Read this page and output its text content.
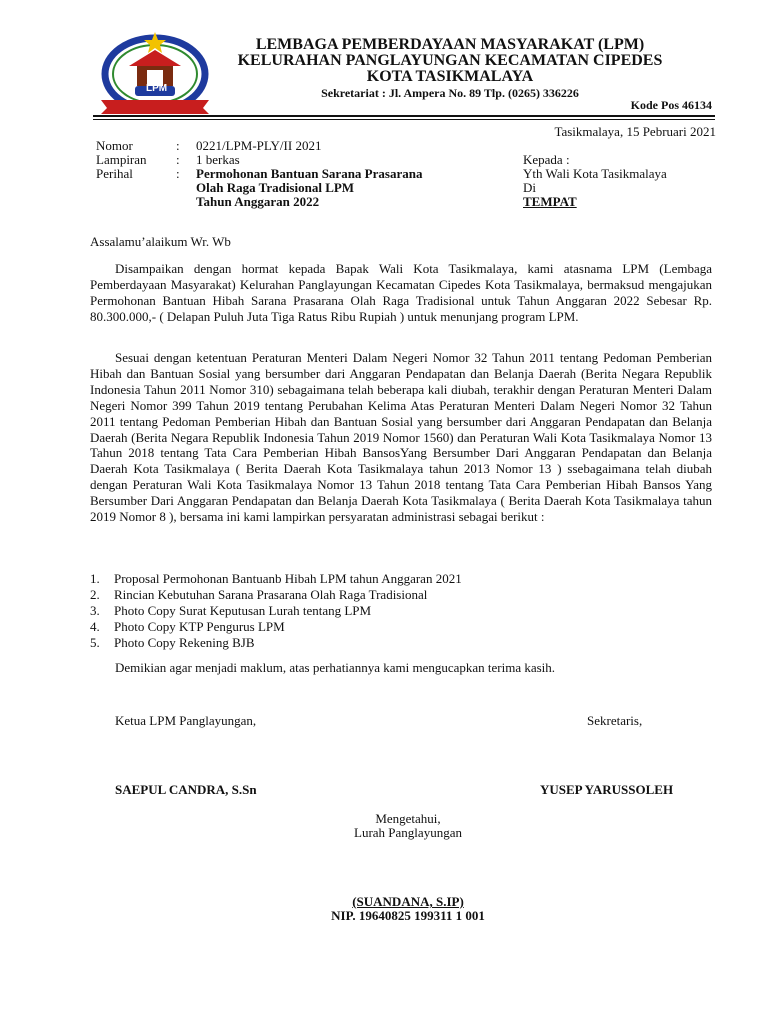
LPM
LEMBAGA PEMBERDAYAAN MASYARAKAT (LPM)
KELURAHAN PANGLAYUNGAN KECAMATAN CIPEDES
KOTA TASIKMALAYA
Sekretariat : Jl. Ampera No. 89 Tlp. (0265) 336226
Kode Pos 46134
Tasikmalaya, 15 Pebruari 2021
Nomor	: 0221/LPM-PLY/II 2021
Lampiran : 1 berkas
Perihal	: Permohonan Bantuan Sarana Prasarana
Olah Raga Tradisional LPM
Tahun Anggaran 2022
Kepada :
Yth Wali Kota Tasikmalaya
Di
TEMPAT
Assalamu’alaikum Wr. Wb
Disampaikan dengan hormat kepada Bapak Wali Kota Tasikmalaya, kami atasnama LPM (Lembaga Pemberdayaan Masyarakat) Kelurahan Panglayungan Kecamatan Cipedes Kota Tasikmalaya, bermaksud mengajukan Permohonan Bantuan Hibah Sarana Prasarana Olah Raga Tradisional untuk Tahun Anggaran 2022 Sebesar Rp. 80.300.000,- ( Delapan Puluh Juta Tiga Ratus Ribu Rupiah ) untuk menunjang program LPM.
Sesuai dengan ketentuan Peraturan Menteri Dalam Negeri Nomor 32 Tahun 2011 tentang Pedoman Pemberian Hibah dan Bantuan Sosial yang bersumber dari Anggaran Pendapatan dan Belanja Daerah (Berita Negara Republik Indonesia Tahun 2011 Nomor 310) sebagaimana telah beberapa kali diubah, terakhir dengan Peraturan Menteri Dalam Negeri Nomor 399 Tahun 2019 tentang Perubahan Kelima Atas Peraturan Menteri Dalam Negeri Nomor 32 Tahun 2011 tentang Pedoman Pemberian Hibah dan Bantuan Sosial yang bersumber dari Anggaran Pendapatan dan Belanja Daerah (Berita Negara Republik Indonesia Tahun 2019 Nomor 1560) dan Peraturan Wali Kota Tasikmalaya Nomor 13 Tahun 2018 tentang Tata Cara Pemberian Hibah BansosYang Bersumber Dari Anggaran Pendapatan dan Belanja Daerah Kota Tasikmalaya ( Berita Daerah Kota Tasikmalaya tahun 2013 Nomor 13 ) ssebagaimana telah diubah dengan Peraturan Wali Kota Tasikmalaya Nomor 13 Tahun 2018 tentang Tata Cara Pemberian Hibah Bansos Yang Bersumber Dari Anggaran Pendapatan dan Belanja Daerah Kota Tasikmalaya ( Berita Daerah Kota Tasikmalaya tahun 2019 Nomor 8 ), bersama ini kami lampirkan persyaratan administrasi sebagai berikut :
1. Proposal Permohonan Bantuanb Hibah LPM tahun Anggaran 2021
2. Rincian Kebutuhan Sarana Prasarana Olah Raga Tradisional
3. Photo Copy Surat Keputusan Lurah tentang LPM
4. Photo Copy KTP Pengurus LPM
5. Photo Copy Rekening BJB
Demikian agar menjadi maklum, atas perhatiannya kami mengucapkan terima kasih.
Ketua LPM Panglayungan,	Sekretaris,
SAEPUL CANDRA, S.Sn	YUSEP YARUSSOLEH
Mengetahui,
Lurah Panglayungan
(SUANDANA, S.IP)
NIP. 19640825 199311 1 001
